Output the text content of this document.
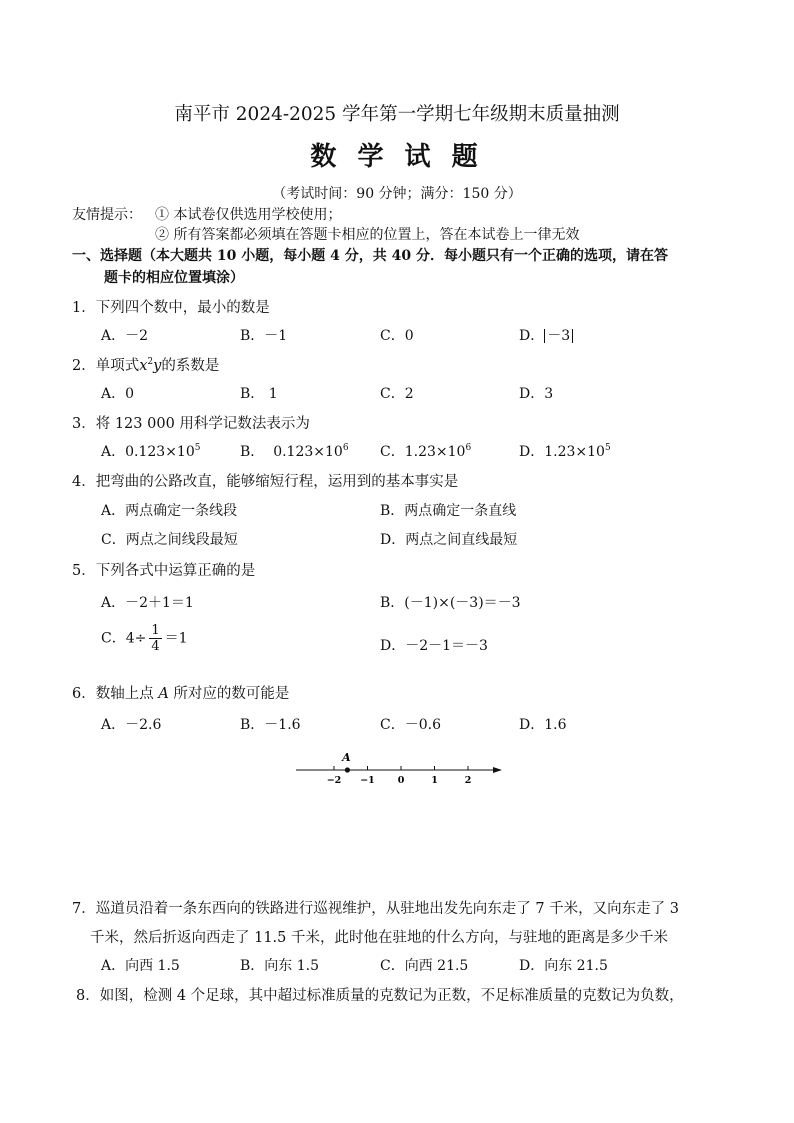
南平市 2024-2025 学年第一学期七年级期末质量抽测
数 学 试 题
（考试时间：90 分钟；满分：150 分）
友情提示： ① 本试卷仅供选用学校使用；
② 所有答案都必须填在答题卡相应的位置上，答在本试卷上一律无效
一、选择题（本大题共 10 小题，每小题 4 分，共 40 分．每小题只有一个正确的选项，请在答
题卡的相应位置填涂）
1．下列四个数中，最小的数是
A．－2	B．－1	C．0	D． －3
2．单项式$x^2y$的系数是
A．0	B． 1	C．2	D．3
3．将 123 000 用科学记数法表示为
A．$0.123\times 10^5$	B． $0.123\times 10^6$ C．$1.23\times 10^6$	D．$1.23\times 10^5$
4．把弯曲的公路改直，能够缩短行程，运用到的基本事实是
A．两点确定一条线段	B．两点确定一条直线
C．两点之间线段最短	D．两点之间直线最短
5．下列各式中运算正确的是
A．－2＋1＝1	B．(－1)×(－3)＝－3
C．$4\div \frac{1}{4} =1$	D．－2－1＝－3
6．数轴上点 A 所对应的数可能是
A．－2.6	B．－1.6	C．－0.6	D．1.6
−2 −1 0	1	2
A
7．巡道员沿着一条东西向的铁路进行巡视维护，从驻地出发先向东走了 7 千米，又向东走了 3
千米，然后折返向西走了 11.5 千米，此时他在驻地的什么方向，与驻地的距离是多少千米
A．向西 1.5	B．向东 1.5	C．向西 21.5	D．向东 21.5
8．如图，检测 4 个足球，其中超过标准质量的克数记为正数，不足标准质量的克数记为负数，
